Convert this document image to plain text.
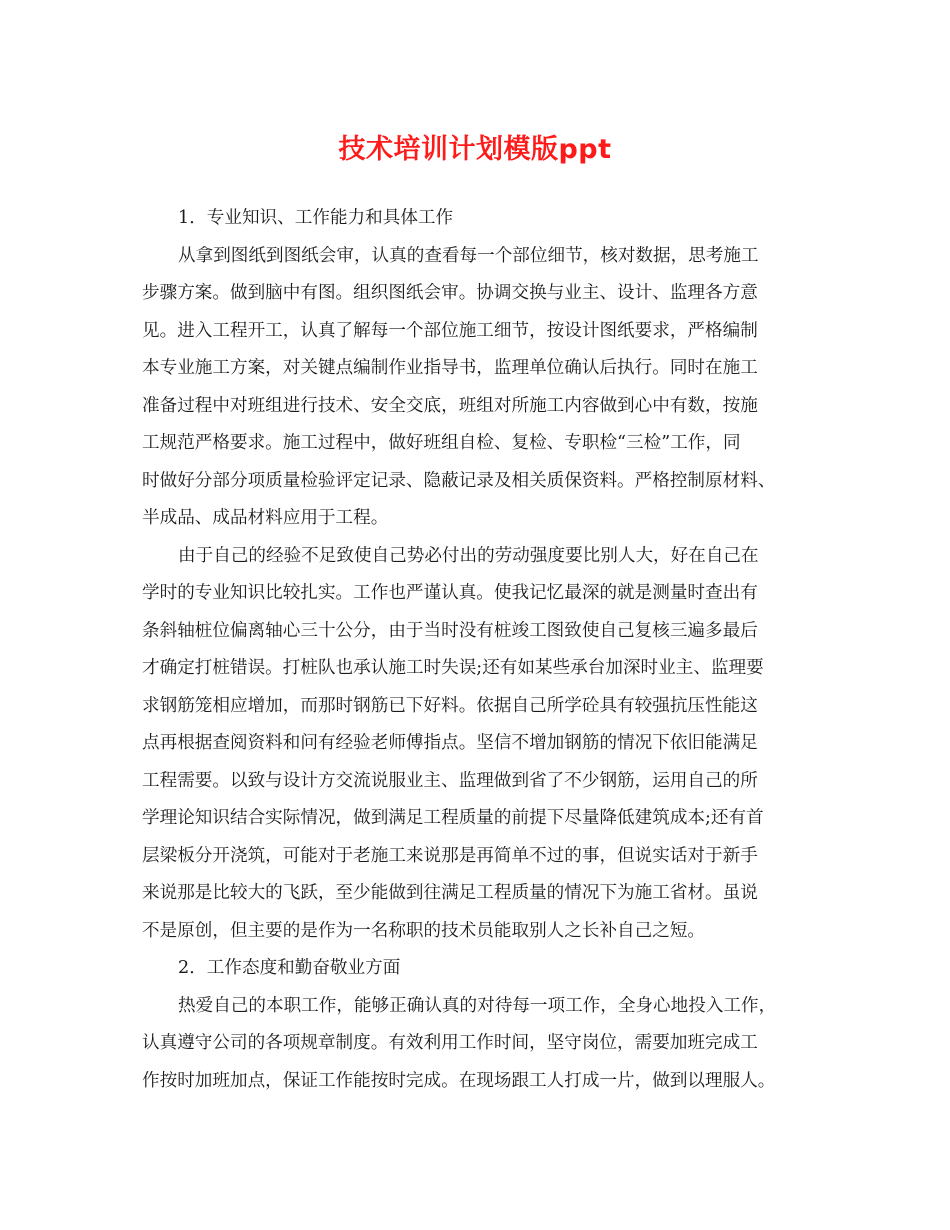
技术培训计划模版ppt

1．专业知识、工作能力和具体工作

从拿到图纸到图纸会审，认真的查看每一个部位细节，核对数据，思考施工

步骤方案。做到脑中有图。组织图纸会审。协调交换与业主、设计、监理各方意

见。进入工程开工，认真了解每一个部位施工细节，按设计图纸要求，严格编制

本专业施工方案，对关键点编制作业指导书，监理单位确认后执行。同时在施工

准备过程中对班组进行技术、安全交底，班组对所施工内容做到心中有数，按施

工规范严格要求。施工过程中，做好班组自检、复检、专职检“三检”工作，同

时做好分部分项质量检验评定记录、隐蔽记录及相关质保资料。严格控制原材料、

半成品、成品材料应用于工程。

由于自己的经验不足致使自己势必付出的劳动强度要比别人大，好在自己在

学时的专业知识比较扎实。工作也严谨认真。使我记忆最深的就是测量时查出有

条斜轴桩位偏离轴心三十公分，由于当时没有桩竣工图致使自己复核三遍多最后

才确定打桩错误。打桩队也承认施工时失误;还有如某些承台加深时业主、监理要

求钢筋笼相应增加，而那时钢筋已下好料。依据自己所学砼具有较强抗压性能这

点再根据查阅资料和问有经验老师傅指点。坚信不增加钢筋的情况下依旧能满足

工程需要。以致与设计方交流说服业主、监理做到省了不少钢筋，运用自己的所

学理论知识结合实际情况，做到满足工程质量的前提下尽量降低建筑成本;还有首

层梁板分开浇筑，可能对于老施工来说那是再简单不过的事，但说实话对于新手

来说那是比较大的飞跃，至少能做到往满足工程质量的情况下为施工省材。虽说

不是原创，但主要的是作为一名称职的技术员能取别人之长补自己之短。

2．工作态度和勤奋敬业方面

热爱自己的本职工作，能够正确认真的对待每一项工作，全身心地投入工作，

认真遵守公司的各项规章制度。有效利用工作时间，坚守岗位，需要加班完成工

作按时加班加点，保证工作能按时完成。在现场跟工人打成一片，做到以理服人。
